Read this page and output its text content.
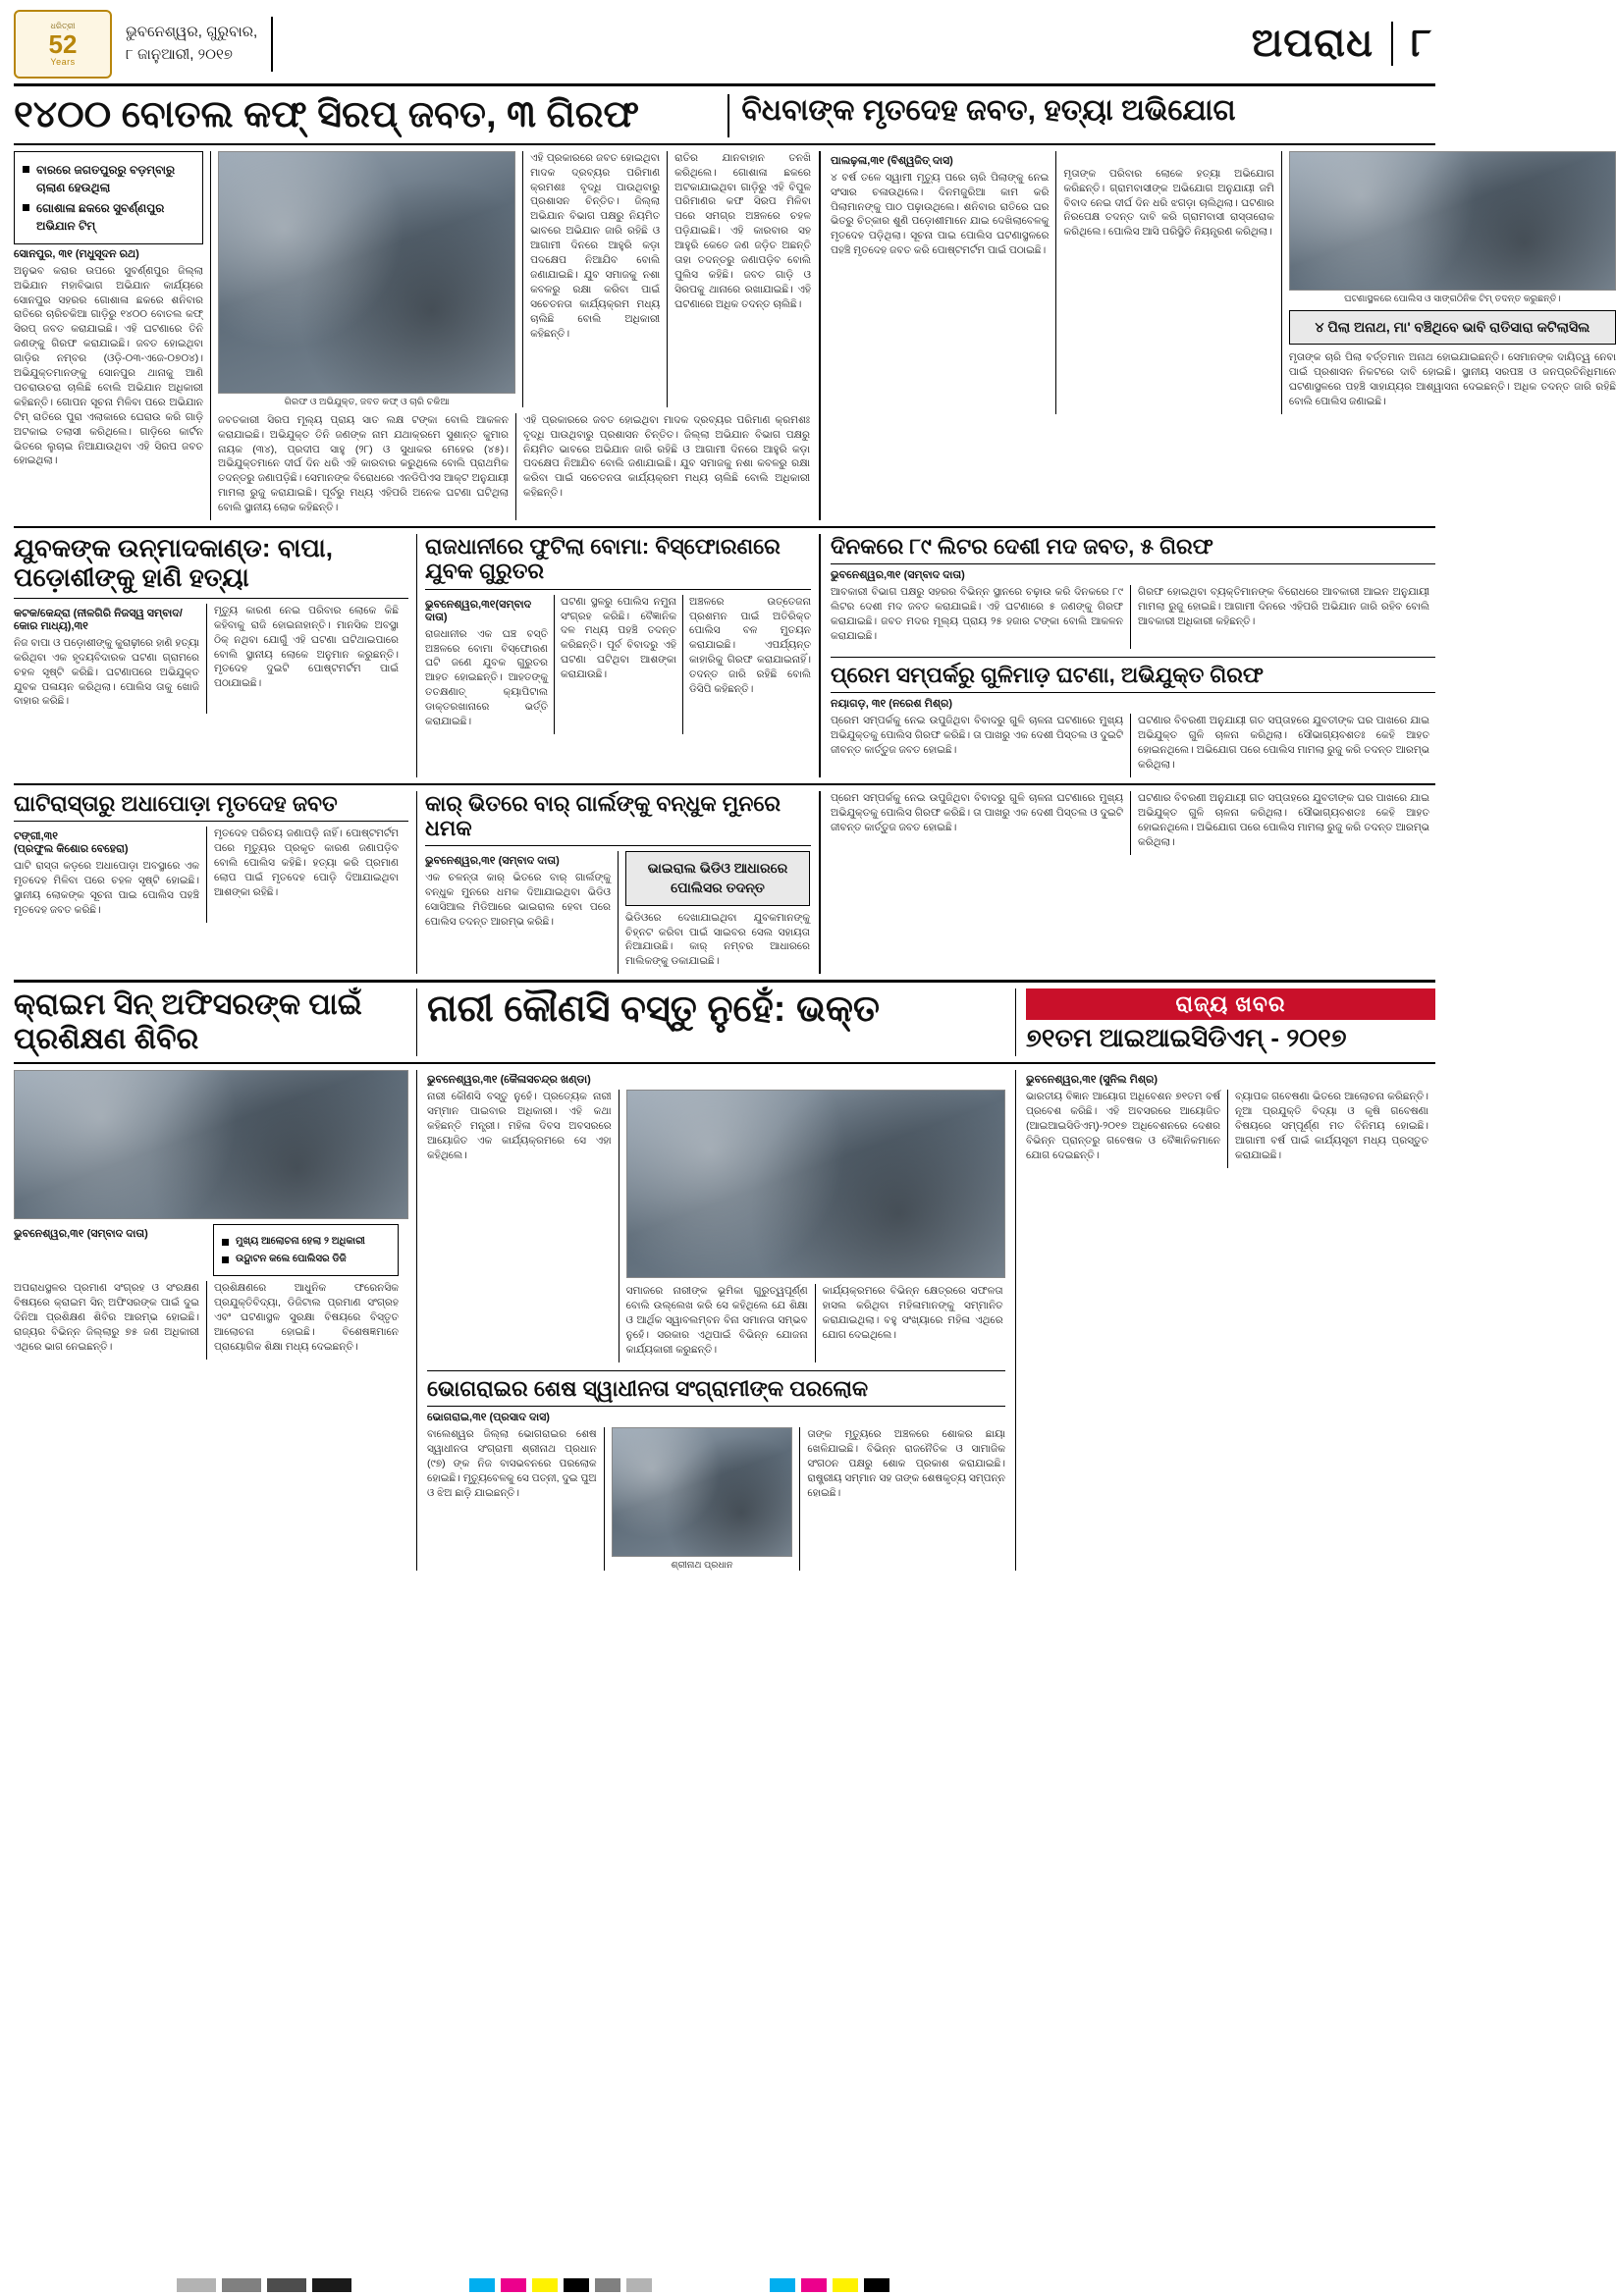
ଧରିତ୍ରୀ
52
Years
ଭୁବନେଶ୍ୱର, ଗୁରୁବାର,
୮ ଜାନୁଆରୀ, ୨୦୧୭	ଅପରାଧ ୮
୧୪୦୦ ବୋତଲ କଫ୍ ସିରପ୍ ଜବତ, ୩ ଗିରଫ	ବିଧବାଙ୍କ ମୃତଦେହ ଜବତ, ହତ୍ୟା ଅଭିଯୋଗ
ବାରରେ ଜଗତପୁରରୁ ବଡ଼ମ୍ବାରୁ ଚାଲାଣ ହେଉଥିଲା
ଗୋଶାଳା ଛକରେ ସୁବର୍ଣ୍ଣପୁର ଅଭିଯାନ ଟିମ୍
ସୋନପୁର, ୩୧ (ମଧୁସୂଦନ ରଥ)

ଅନୁଭବ କରାର ଉପରେ ସୁବର୍ଣ୍ଣପୁର ଜିଲ୍ଲା ଅଭିଯାନ ମହାବିଭାଗ ଅଭିଯାନ କାର୍ଯ୍ୟରେ ସୋନପୁର ସହରର ଗୋଶାଳା ଛକରେ ଶନିବାର ରାତିରେ ଚାରିଚକିଆ ଗାଡ଼ିରୁ ୧୪୦୦ ବୋତଲ କଫ୍ ସିରପ୍ ଜବତ କରାଯାଇଛି। ଏହି ଘଟଣାରେ ତିନି ଜଣଙ୍କୁ ଗିରଫ କରାଯାଇଛି। ଜବତ ହୋଇଥିବା ଗାଡ଼ିର ନମ୍ବର (ଓଡ଼ି-୦୩-ଏଜେ-୦୭୦୪)। ଅଭିଯୁକ୍ତମାନଙ୍କୁ ସୋନପୁର ଥାନାକୁ ଆଣି ପଚରାଉଚରା ଚାଲିଛି ବୋଲି ଅଭିଯାନ ଅଧିକାରୀ କହିଛନ୍ତି। ଗୋପନ ସୂଚନା ମିଳିବା ପରେ ଅଭିଯାନ ଟିମ୍ ରାତିରେ ପୁରା ଏଲାକାରେ ଘେରାଉ କରି ଗାଡ଼ି ଅଟକାଇ ତଲାସୀ କରିଥିଲେ। ଗାଡ଼ିରେ କାର୍ଟନ ଭିତରେ ଲୁଚାଇ ନିଆଯାଉଥିବା ଏହି ସିରପ ଜବତ ହୋଇଥିଲା।

ଗିରଫ ଓ ଅଭିଯୁକ୍ତ, ଜବତ କଫ୍ ଓ ଚାରି ଚକିଆ

ଏହି ପ୍ରକାରରେ ଜବତ ହୋଇଥିବା ମାଦକ ଦ୍ରବ୍ୟର ପରିମାଣ କ୍ରମଶଃ ବୃଦ୍ଧି ପାଉଥିବାରୁ ପ୍ରଶାସନ ଚିନ୍ତିତ। ଜିଲ୍ଲା ଅଭିଯାନ ବିଭାଗ ପକ୍ଷରୁ ନିୟମିତ ଭାବରେ ଅଭିଯାନ ଜାରି ରହିଛି ଓ ଆଗାମୀ ଦିନରେ ଆହୁରି କଡ଼ା ପଦକ୍ଷେପ ନିଆଯିବ ବୋଲି ଜଣାଯାଇଛି। ଯୁବ ସମାଜକୁ ନଶା କବଳରୁ ରକ୍ଷା କରିବା ପାଇଁ ସଚେତନତା କାର୍ଯ୍ୟକ୍ରମ ମଧ୍ୟ ଚାଲିଛି ବୋଲି ଅଧିକାରୀ କହିଛନ୍ତି।

ରାତିର ଯାନବାହାନ ତନଖି କରିଥିଲେ। ଗୋଶାଳା ଛକରେ ଅଟକାଯାଇଥିବା ଗାଡ଼ିରୁ ଏହି ବିପୁଳ ପରିମାଣର କଫ ସିରପ ମିଳିବା ପରେ ସମଗ୍ର ଅଞ୍ଚଳରେ ଚହଳ ପଡ଼ିଯାଇଛି। ଏହି କାରବାର ସହ ଆହୁରି କେତେ ଜଣ ଜଡ଼ିତ ଅଛନ୍ତି ତାହା ତଦନ୍ତରୁ ଜଣାପଡ଼ିବ ବୋଲି ପୁଲିସ କହିଛି। ଜବତ ଗାଡ଼ି ଓ ସିରପକୁ ଥାନାରେ ରଖାଯାଇଛି। ଏହି ଘଟଣାରେ ଅଧିକ ତଦନ୍ତ ଚାଲିଛି।

ଜବତକାରୀ ସିରପ ମୂଲ୍ୟ ପ୍ରାୟ ସାତ ଲକ୍ଷ ଟଙ୍କା ବୋଲି ଆକଳନ କରାଯାଇଛି। ଅଭିଯୁକ୍ତ ତିନି ଜଣଙ୍କ ନାମ ଯଥାକ୍ରମେ ସୁଶାନ୍ତ କୁମାର ନାୟକ (୩୪), ପ୍ରଦୀପ ସାହୁ (୨୮) ଓ ସୁଧାକର ମେହେର (୪୫)। ଅଭିଯୁକ୍ତମାନେ ଦୀର୍ଘ ଦିନ ଧରି ଏହି କାରବାର କରୁଥିଲେ ବୋଲି ପ୍ରାଥମିକ ତଦନ୍ତରୁ ଜଣାପଡ଼ିଛି। ସେମାନଙ୍କ ବିରୋଧରେ ଏନଡିପିଏସ ଆକ୍ଟ ଅନୁଯାୟୀ ମାମଲା ରୁଜୁ କରାଯାଇଛି। ପୂର୍ବରୁ ମଧ୍ୟ ଏହିପରି ଅନେକ ଘଟଣା ଘଟିଥିଲା ବୋଲି ସ୍ଥାନୀୟ ଲୋକ କହିଛନ୍ତି।

ଏହି ପ୍ରକାରରେ ଜବତ ହୋଇଥିବା ମାଦକ ଦ୍ରବ୍ୟର ପରିମାଣ କ୍ରମଶଃ ବୃଦ୍ଧି ପାଉଥିବାରୁ ପ୍ରଶାସନ ଚିନ୍ତିତ। ଜିଲ୍ଲା ଅଭିଯାନ ବିଭାଗ ପକ୍ଷରୁ ନିୟମିତ ଭାବରେ ଅଭିଯାନ ଜାରି ରହିଛି ଓ ଆଗାମୀ ଦିନରେ ଆହୁରି କଡ଼ା ପଦକ୍ଷେପ ନିଆଯିବ ବୋଲି ଜଣାଯାଇଛି। ଯୁବ ସମାଜକୁ ନଶା କବଳରୁ ରକ୍ଷା କରିବା ପାଇଁ ସଚେତନତା କାର୍ଯ୍ୟକ୍ରମ ମଧ୍ୟ ଚାଲିଛି ବୋଲି ଅଧିକାରୀ କହିଛନ୍ତି।

ପାଲଢ଼ଳା,୩୧ (ବିଶ୍ୱଜିତ୍ ଦାସ)

୪ ବର୍ଷ ତଳେ ସ୍ୱାମୀ ମୃତ୍ୟୁ ପରେ ଚାରି ପିଲାଙ୍କୁ ନେଇ ସଂସାର ଚଳାଉଥିଲେ। ଦିନମଜୁରିଆ କାମ କରି ପିଲାମାନଙ୍କୁ ପାଠ ପଢ଼ାଉଥିଲେ। ଶନିବାର ରାତିରେ ଘର ଭିତରୁ ଚିତ୍କାର ଶୁଣି ପଡ଼ୋଶୀମାନେ ଯାଇ ଦେଖିଲାବେଳକୁ ମୃତଦେହ ପଡ଼ିଥିଲା। ସୂଚନା ପାଇ ପୋଲିସ ଘଟଣାସ୍ଥଳରେ ପହଞ୍ଚି ମୃତଦେହ ଜବତ କରି ପୋଷ୍ଟମର୍ଟମ ପାଇଁ ପଠାଇଛି।

ମୃତାଙ୍କ ପରିବାର ଲୋକେ ହତ୍ୟା ଅଭିଯୋଗ କରିଛନ୍ତି। ଗ୍ରାମବାସୀଙ୍କ ଅଭିଯୋଗ ଅନୁଯାୟୀ ଜମି ବିବାଦ ନେଇ ଦୀର୍ଘ ଦିନ ଧରି ଝଗଡ଼ା ଚାଲିଥିଲା। ଘଟଣାର ନିରପେକ୍ଷ ତଦନ୍ତ ଦାବି କରି ଗ୍ରାମବାସୀ ରାସ୍ତାରୋକ କରିଥିଲେ। ପୋଲିସ ଆସି ପରିସ୍ଥିତି ନିୟନ୍ତ୍ରଣ କରିଥିଲା।

ଘଟଣାସ୍ଥଳରେ ପୋଲିସ ଓ ସାଙ୍ଗଠିନିକ ଟିମ୍ ତଦନ୍ତ କରୁଛନ୍ତି।
୪ ପିଲା ଅନାଥ, ମା' ବଞ୍ଚିଥିବେ ଭାବି ରାତିସାରା କଟିଲାସିଲ

ମୃତାଙ୍କ ଚାରି ପିଲା ବର୍ତ୍ତମାନ ଅନାଥ ହୋଇଯାଇଛନ୍ତି। ସେମାନଙ୍କ ଦାୟିତ୍ୱ ନେବା ପାଇଁ ପ୍ରଶାସନ ନିକଟରେ ଦାବି ହୋଇଛି। ସ୍ଥାନୀୟ ସରପଞ୍ଚ ଓ ଜନପ୍ରତିନିଧିମାନେ ଘଟଣାସ୍ଥଳରେ ପହଞ୍ଚି ସାହାଯ୍ୟର ଆଶ୍ୱାସନା ଦେଇଛନ୍ତି। ଅଧିକ ତଦନ୍ତ ଜାରି ରହିଛି ବୋଲି ପୋଲିସ ଜଣାଇଛି।

ଯୁବକଙ୍କ ଉନ୍ମାଦକାଣ୍ଡ: ବାପା, ପଡ଼ୋଶୀଙ୍କୁ ହାଣି ହତ୍ୟା
କଟକ/କେନ୍ଦ୍ରା (ନୀଳଗିରି ନିଜସ୍ୱ ସମ୍ବାଦ/କୋର ମାଧ୍ୟ),୩୧

ନିଜ ବାପା ଓ ପଡ଼ୋଶୀଙ୍କୁ କୁରାଢ଼ୀରେ ହାଣି ହତ୍ୟା କରିଥିବା ଏକ ହୃଦୟବିଦାରକ ଘଟଣା ଗ୍ରାମରେ ଚହଳ ସୃଷ୍ଟି କରିଛି। ଘଟଣାପରେ ଅଭିଯୁକ୍ତ ଯୁବକ ପଳାୟନ କରିଥିଲା। ପୋଲିସ ତାକୁ ଖୋଜି ବାହାର କରିଛି।

ମୃତ୍ୟୁ କାରଣ ନେଇ ପରିବାର ଲୋକେ କିଛି କହିବାକୁ ରାଜି ହୋଇନାହାନ୍ତି। ମାନସିକ ଅବସ୍ଥା ଠିକ୍ ନଥିବା ଯୋଗୁଁ ଏହି ଘଟଣା ଘଟିଥାଇପାରେ ବୋଲି ସ୍ଥାନୀୟ ଲୋକେ ଅନୁମାନ କରୁଛନ୍ତି। ମୃତଦେହ ଦୁଇଟି ପୋଷ୍ଟମର୍ଟମ ପାଇଁ ପଠାଯାଇଛି।

ରାଜଧାନୀରେ ଫୁଟିଲା ବୋମା: ବିସ୍ଫୋରଣରେ ଯୁବକ ଗୁରୁତର
ଭୁବନେଶ୍ୱର,୩୧(ସମ୍ବାଦ ଦାତା)

ରାଜଧାନୀର ଏକ ଘଞ୍ଚ ବସ୍ତି ଅଞ୍ଚଳରେ ବୋମା ବିସ୍ଫୋରଣ ଘଟି ଜଣେ ଯୁବକ ଗୁରୁତର ଆହତ ହୋଇଛନ୍ତି। ଆହତଙ୍କୁ ତତକ୍ଷଣାତ୍ କ୍ୟାପିଟାଲ ଡାକ୍ତରଖାନାରେ ଭର୍ତ୍ତି କରାଯାଇଛି।

ଘଟଣା ସ୍ଥଳରୁ ପୋଲିସ ନମୁନା ସଂଗ୍ରହ କରିଛି। ବୈଜ୍ଞାନିକ ଦଳ ମଧ୍ୟ ପହଞ୍ଚି ତଦନ୍ତ କରିଛନ୍ତି। ପୂର୍ବ ବିବାଦରୁ ଏହି ଘଟଣା ଘଟିଥିବା ଆଶଙ୍କା କରାଯାଉଛି।

ଅଞ୍ଚଳରେ ଉତ୍ତେଜନା ପ୍ରଶମନ ପାଇଁ ଅତିରିକ୍ତ ପୋଲିସ ବଳ ମୁତୟନ କରାଯାଇଛି। ଏପର୍ଯ୍ୟନ୍ତ କାହାରିକୁ ଗିରଫ କରାଯାଇନାହିଁ। ତଦନ୍ତ ଜାରି ରହିଛି ବୋଲି ଡିସିପି କହିଛନ୍ତି।

ଦିନକରେ ୮୯ ଲିଟର ଦେଶୀ ମଦ ଜବତ, ୫ ଗିରଫ
ଭୁବନେଶ୍ୱର,୩୧ (ସମ୍ବାଦ ଦାତା)

ଆବକାରୀ ବିଭାଗ ପକ୍ଷରୁ ସହରର ବିଭିନ୍ନ ସ୍ଥାନରେ ଚଢ଼ାଉ କରି ଦିନକରେ ୮୯ ଲିଟର ଦେଶୀ ମଦ ଜବତ କରାଯାଇଛି। ଏହି ଘଟଣାରେ ୫ ଜଣଙ୍କୁ ଗିରଫ କରାଯାଇଛି। ଜବତ ମଦର ମୂଲ୍ୟ ପ୍ରାୟ ୨୫ ହଜାର ଟଙ୍କା ବୋଲି ଆକଳନ କରାଯାଇଛି।

ଗିରଫ ହୋଇଥିବା ବ୍ୟକ୍ତିମାନଙ୍କ ବିରୋଧରେ ଆବକାରୀ ଆଇନ ଅନୁଯାୟୀ ମାମଲା ରୁଜୁ ହୋଇଛି। ଆଗାମୀ ଦିନରେ ଏହିପରି ଅଭିଯାନ ଜାରି ରହିବ ବୋଲି ଆବକାରୀ ଅଧିକାରୀ କହିଛନ୍ତି।

ପ୍ରେମ ସମ୍ପର୍କରୁ ଗୁଳିମାଡ଼ ଘଟଣା, ଅଭିଯୁକ୍ତ ଗିରଫ
ନୟାଗଡ଼, ୩୧ (ନରେଶ ମିଶ୍ର)

ପ୍ରେମ ସମ୍ପର୍କକୁ ନେଇ ଉପୁଜିଥିବା ବିବାଦରୁ ଗୁଳି ଚାଳନା ଘଟଣାରେ ମୁଖ୍ୟ ଅଭିଯୁକ୍ତକୁ ପୋଲିସ ଗିରଫ କରିଛି। ତା ପାଖରୁ ଏକ ଦେଶୀ ପିସ୍ତଲ ଓ ଦୁଇଟି ଜୀବନ୍ତ କାର୍ତ୍ତୁଜ ଜବତ ହୋଇଛି।

ଘଟଣାର ବିବରଣୀ ଅନୁଯାୟୀ ଗତ ସପ୍ତାହରେ ଯୁବତୀଙ୍କ ଘର ପାଖରେ ଯାଇ ଅଭିଯୁକ୍ତ ଗୁଳି ଚାଳନା କରିଥିଲା। ସୌଭାଗ୍ୟବଶତଃ କେହି ଆହତ ହୋଇନଥିଲେ। ଅଭିଯୋଗ ପରେ ପୋଲିସ ମାମଲା ରୁଜୁ କରି ତଦନ୍ତ ଆରମ୍ଭ କରିଥିଲା।

ଘାଟିରାସ୍ତାରୁ ଅଧାପୋଡ଼ା ମୃତଦେହ ଜବତ
ଟଙ୍ଗୀ,୩୧
(ପ୍ରଫୁଲ କିଶୋର ବେହେରା)

ଘାଟି ରାସ୍ତା କଡ଼ରେ ଅଧାପୋଡ଼ା ଅବସ୍ଥାରେ ଏକ ମୃତଦେହ ମିଳିବା ପରେ ଚହଳ ସୃଷ୍ଟି ହୋଇଛି। ସ୍ଥାନୀୟ ଲୋକଙ୍କ ସୂଚନା ପାଇ ପୋଲିସ ପହଞ୍ଚି ମୃତଦେହ ଜବତ କରିଛି।

ମୃତଦେହ ପରିଚୟ ଜଣାପଡ଼ି ନାହିଁ। ପୋଷ୍ଟମର୍ଟମ ପରେ ମୃତ୍ୟୁର ପ୍ରକୃତ କାରଣ ଜଣାପଡ଼ିବ ବୋଲି ପୋଲିସ କହିଛି। ହତ୍ୟା କରି ପ୍ରମାଣ ଲୋପ ପାଇଁ ମୃତଦେହ ପୋଡ଼ି ଦିଆଯାଇଥିବା ଆଶଙ୍କା ରହିଛି।

କାର୍ ଭିତରେ ବାର୍ ଗାର୍ଲଙ୍କୁ ବନ୍ଧୁକ ମୁନରେ ଧମକ
ଭୁବନେଶ୍ୱର,୩୧ (ସମ୍ବାଦ ଦାତା)

ଏକ ଚଳନ୍ତା କାର୍ ଭିତରେ ବାର୍ ଗାର୍ଲଙ୍କୁ ବନ୍ଧୁକ ମୁନରେ ଧମକ ଦିଆଯାଇଥିବା ଭିଡିଓ ସୋସିଆଲ ମିଡିଆରେ ଭାଇରାଲ ହେବା ପରେ ପୋଲିସ ତଦନ୍ତ ଆରମ୍ଭ କରିଛି।

ଭାଇରାଲ ଭିଡିଓ ଆଧାରରେ ପୋଲିସର ତଦନ୍ତ

ଭିଡିଓରେ ଦେଖାଯାଇଥିବା ଯୁବକମାନଙ୍କୁ ଚିହ୍ନଟ କରିବା ପାଇଁ ସାଇବର ସେଲ ସହାୟତା ନିଆଯାଉଛି। କାର୍ ନମ୍ବର ଆଧାରରେ ମାଲିକଙ୍କୁ ଡକାଯାଇଛି।

ପ୍ରେମ ସମ୍ପର୍କକୁ ନେଇ ଉପୁଜିଥିବା ବିବାଦରୁ ଗୁଳି ଚାଳନା ଘଟଣାରେ ମୁଖ୍ୟ ଅଭିଯୁକ୍ତକୁ ପୋଲିସ ଗିରଫ କରିଛି। ତା ପାଖରୁ ଏକ ଦେଶୀ ପିସ୍ତଲ ଓ ଦୁଇଟି ଜୀବନ୍ତ କାର୍ତ୍ତୁଜ ଜବତ ହୋଇଛି।

ଘଟଣାର ବିବରଣୀ ଅନୁଯାୟୀ ଗତ ସପ୍ତାହରେ ଯୁବତୀଙ୍କ ଘର ପାଖରେ ଯାଇ ଅଭିଯୁକ୍ତ ଗୁଳି ଚାଳନା କରିଥିଲା। ସୌଭାଗ୍ୟବଶତଃ କେହି ଆହତ ହୋଇନଥିଲେ। ଅଭିଯୋଗ ପରେ ପୋଲିସ ମାମଲା ରୁଜୁ କରି ତଦନ୍ତ ଆରମ୍ଭ କରିଥିଲା।

କ୍ରାଇମ ସିନ୍ ଅଫିସରଙ୍କ ପାଇଁ ପ୍ରଶିକ୍ଷଣ ଶିବିର
ନାରୀ କୌଣସି ବସ୍ତୁ ନୁହେଁ: ଭକ୍ତ	ରାଜ୍ୟ ଖବର
୭୧ତମ ଆଇଆଇସିଡିଏମ୍ - ୨୦୧୭
ଭୁବନେଶ୍ୱର,୩୧ (ସମ୍ବାଦ ଦାତା)
ମୁଖ୍ୟ ଆଲୋଚନା ହେଲା ୨ ଅଧିକାରୀ
ଉଦ୍ଘାଟନ କଲେ ପୋଲିସର ଡିଜି

ଅପରାଧସ୍ଥଳର ପ୍ରମାଣ ସଂଗ୍ରହ ଓ ସଂରକ୍ଷଣ ବିଷୟରେ କ୍ରାଇମ ସିନ୍ ଅଫିସରଙ୍କ ପାଇଁ ଦୁଇ ଦିନିଆ ପ୍ରଶିକ୍ଷଣ ଶିବିର ଆରମ୍ଭ ହୋଇଛି। ରାଜ୍ୟର ବିଭିନ୍ନ ଜିଲ୍ଲାରୁ ୭୫ ଜଣ ଅଧିକାରୀ ଏଥିରେ ଭାଗ ନେଇଛନ୍ତି।

ପ୍ରଶିକ୍ଷଣରେ ଆଧୁନିକ ଫରେନସିକ ପ୍ରଯୁକ୍ତିବିଦ୍ୟା, ଡିଜିଟାଲ ପ୍ରମାଣ ସଂଗ୍ରହ ଏବଂ ଘଟଣାସ୍ଥଳ ସୁରକ୍ଷା ବିଷୟରେ ବିସ୍ତୃତ ଆଲୋଚନା ହୋଇଛି। ବିଶେଷଜ୍ଞମାନେ ପ୍ରାୟୋଗିକ ଶିକ୍ଷା ମଧ୍ୟ ଦେଇଛନ୍ତି।

ଭୁବନେଶ୍ୱର,୩୧ (କୈଳାସଚନ୍ଦ୍ର ଖଣ୍ଡା)

ନାରୀ କୌଣସି ବସ୍ତୁ ନୁହେଁ। ପ୍ରତ୍ୟେକ ନାରୀ ସମ୍ମାନ ପାଇବାର ଅଧିକାରୀ। ଏହି କଥା କହିଛନ୍ତି ମନ୍ତ୍ରୀ। ମହିଳା ଦିବସ ଅବସରରେ ଆୟୋଜିତ ଏକ କାର୍ଯ୍ୟକ୍ରମରେ ସେ ଏହା କହିଥିଲେ।

ସମାଜରେ ନାରୀଙ୍କ ଭୂମିକା ଗୁରୁତ୍ୱପୂର୍ଣ୍ଣ ବୋଲି ଉଲ୍ଲେଖ କରି ସେ କହିଥିଲେ ଯେ ଶିକ୍ଷା ଓ ଆର୍ଥିକ ସ୍ୱାବଲମ୍ବନ ବିନା ସମାନତା ସମ୍ଭବ ନୁହେଁ। ସରକାର ଏଥିପାଇଁ ବିଭିନ୍ନ ଯୋଜନା କାର୍ଯ୍ୟକାରୀ କରୁଛନ୍ତି।

କାର୍ଯ୍ୟକ୍ରମରେ ବିଭିନ୍ନ କ୍ଷେତ୍ରରେ ସଫଳତା ହାସଲ କରିଥିବା ମହିଳାମାନଙ୍କୁ ସମ୍ମାନିତ କରାଯାଇଥିଲା। ବହୁ ସଂଖ୍ୟାରେ ମହିଳା ଏଥିରେ ଯୋଗ ଦେଇଥିଲେ।

ଭୋଗରାଇର ଶେଷ ସ୍ୱାଧୀନତା ସଂଗ୍ରାମୀଙ୍କ ପରଲୋକ
ଭୋଗରାଇ,୩୧ (ପ୍ରସାଦ ଦାସ)

ବାଲେଶ୍ୱର ଜିଲ୍ଲା ଭୋଗରାଇର ଶେଷ ସ୍ୱାଧୀନତା ସଂଗ୍ରାମୀ ଶ୍ରୀନାଥ ପ୍ରଧାନ (୯୭) ଙ୍କ ନିଜ ବାସଭବନରେ ପରଲୋକ ହୋଇଛି। ମୃତ୍ୟୁବେଳକୁ ସେ ପତ୍ନୀ, ଦୁଇ ପୁଅ ଓ ଝିଅ ଛାଡ଼ି ଯାଇଛନ୍ତି।

ଶ୍ରୀନାଥ ପ୍ରଧାନ

ତାଙ୍କ ମୃତ୍ୟୁରେ ଅଞ୍ଚଳରେ ଶୋକର ଛାୟା ଖେଳିଯାଇଛି। ବିଭିନ୍ନ ରାଜନୈତିକ ଓ ସାମାଜିକ ସଂଗଠନ ପକ୍ଷରୁ ଶୋକ ପ୍ରକାଶ କରାଯାଇଛି। ରାଷ୍ଟ୍ରୀୟ ସମ୍ମାନ ସହ ତାଙ୍କ ଶେଷକୃତ୍ୟ ସମ୍ପନ୍ନ ହୋଇଛି।

ଭୁବନେଶ୍ୱର,୩୧ (ସୁନିଲ ମିଶ୍ର)

ଭାରତୀୟ ବିଜ୍ଞାନ ଆୟୋଗ ଅଧିବେଶନ ୭୧ତମ ବର୍ଷ ପ୍ରବେଶ କରିଛି। ଏହି ଅବସରରେ ଆୟୋଜିତ (ଆଇଆଇସିଡିଏମ୍)-୨୦୧୭ ଅଧିବେଶନରେ ଦେଶର ବିଭିନ୍ନ ପ୍ରାନ୍ତରୁ ଗବେଷକ ଓ ବୈଜ୍ଞାନିକମାନେ ଯୋଗ ଦେଇଛନ୍ତି।

ବ୍ୟାପକ ଗବେଷଣା ଭିତରେ ଆଲୋଚନା କରିଛନ୍ତି। ନୂଆ ପ୍ରଯୁକ୍ତି ବିଦ୍ୟା ଓ କୃଷି ଗବେଷଣା ବିଷୟରେ ସମ୍ପୂର୍ଣ୍ଣ ମତ ବିନିମୟ ହୋଇଛି। ଆଗାମୀ ବର୍ଷ ପାଇଁ କାର୍ଯ୍ୟସୂଚୀ ମଧ୍ୟ ପ୍ରସ୍ତୁତ କରାଯାଇଛି।
